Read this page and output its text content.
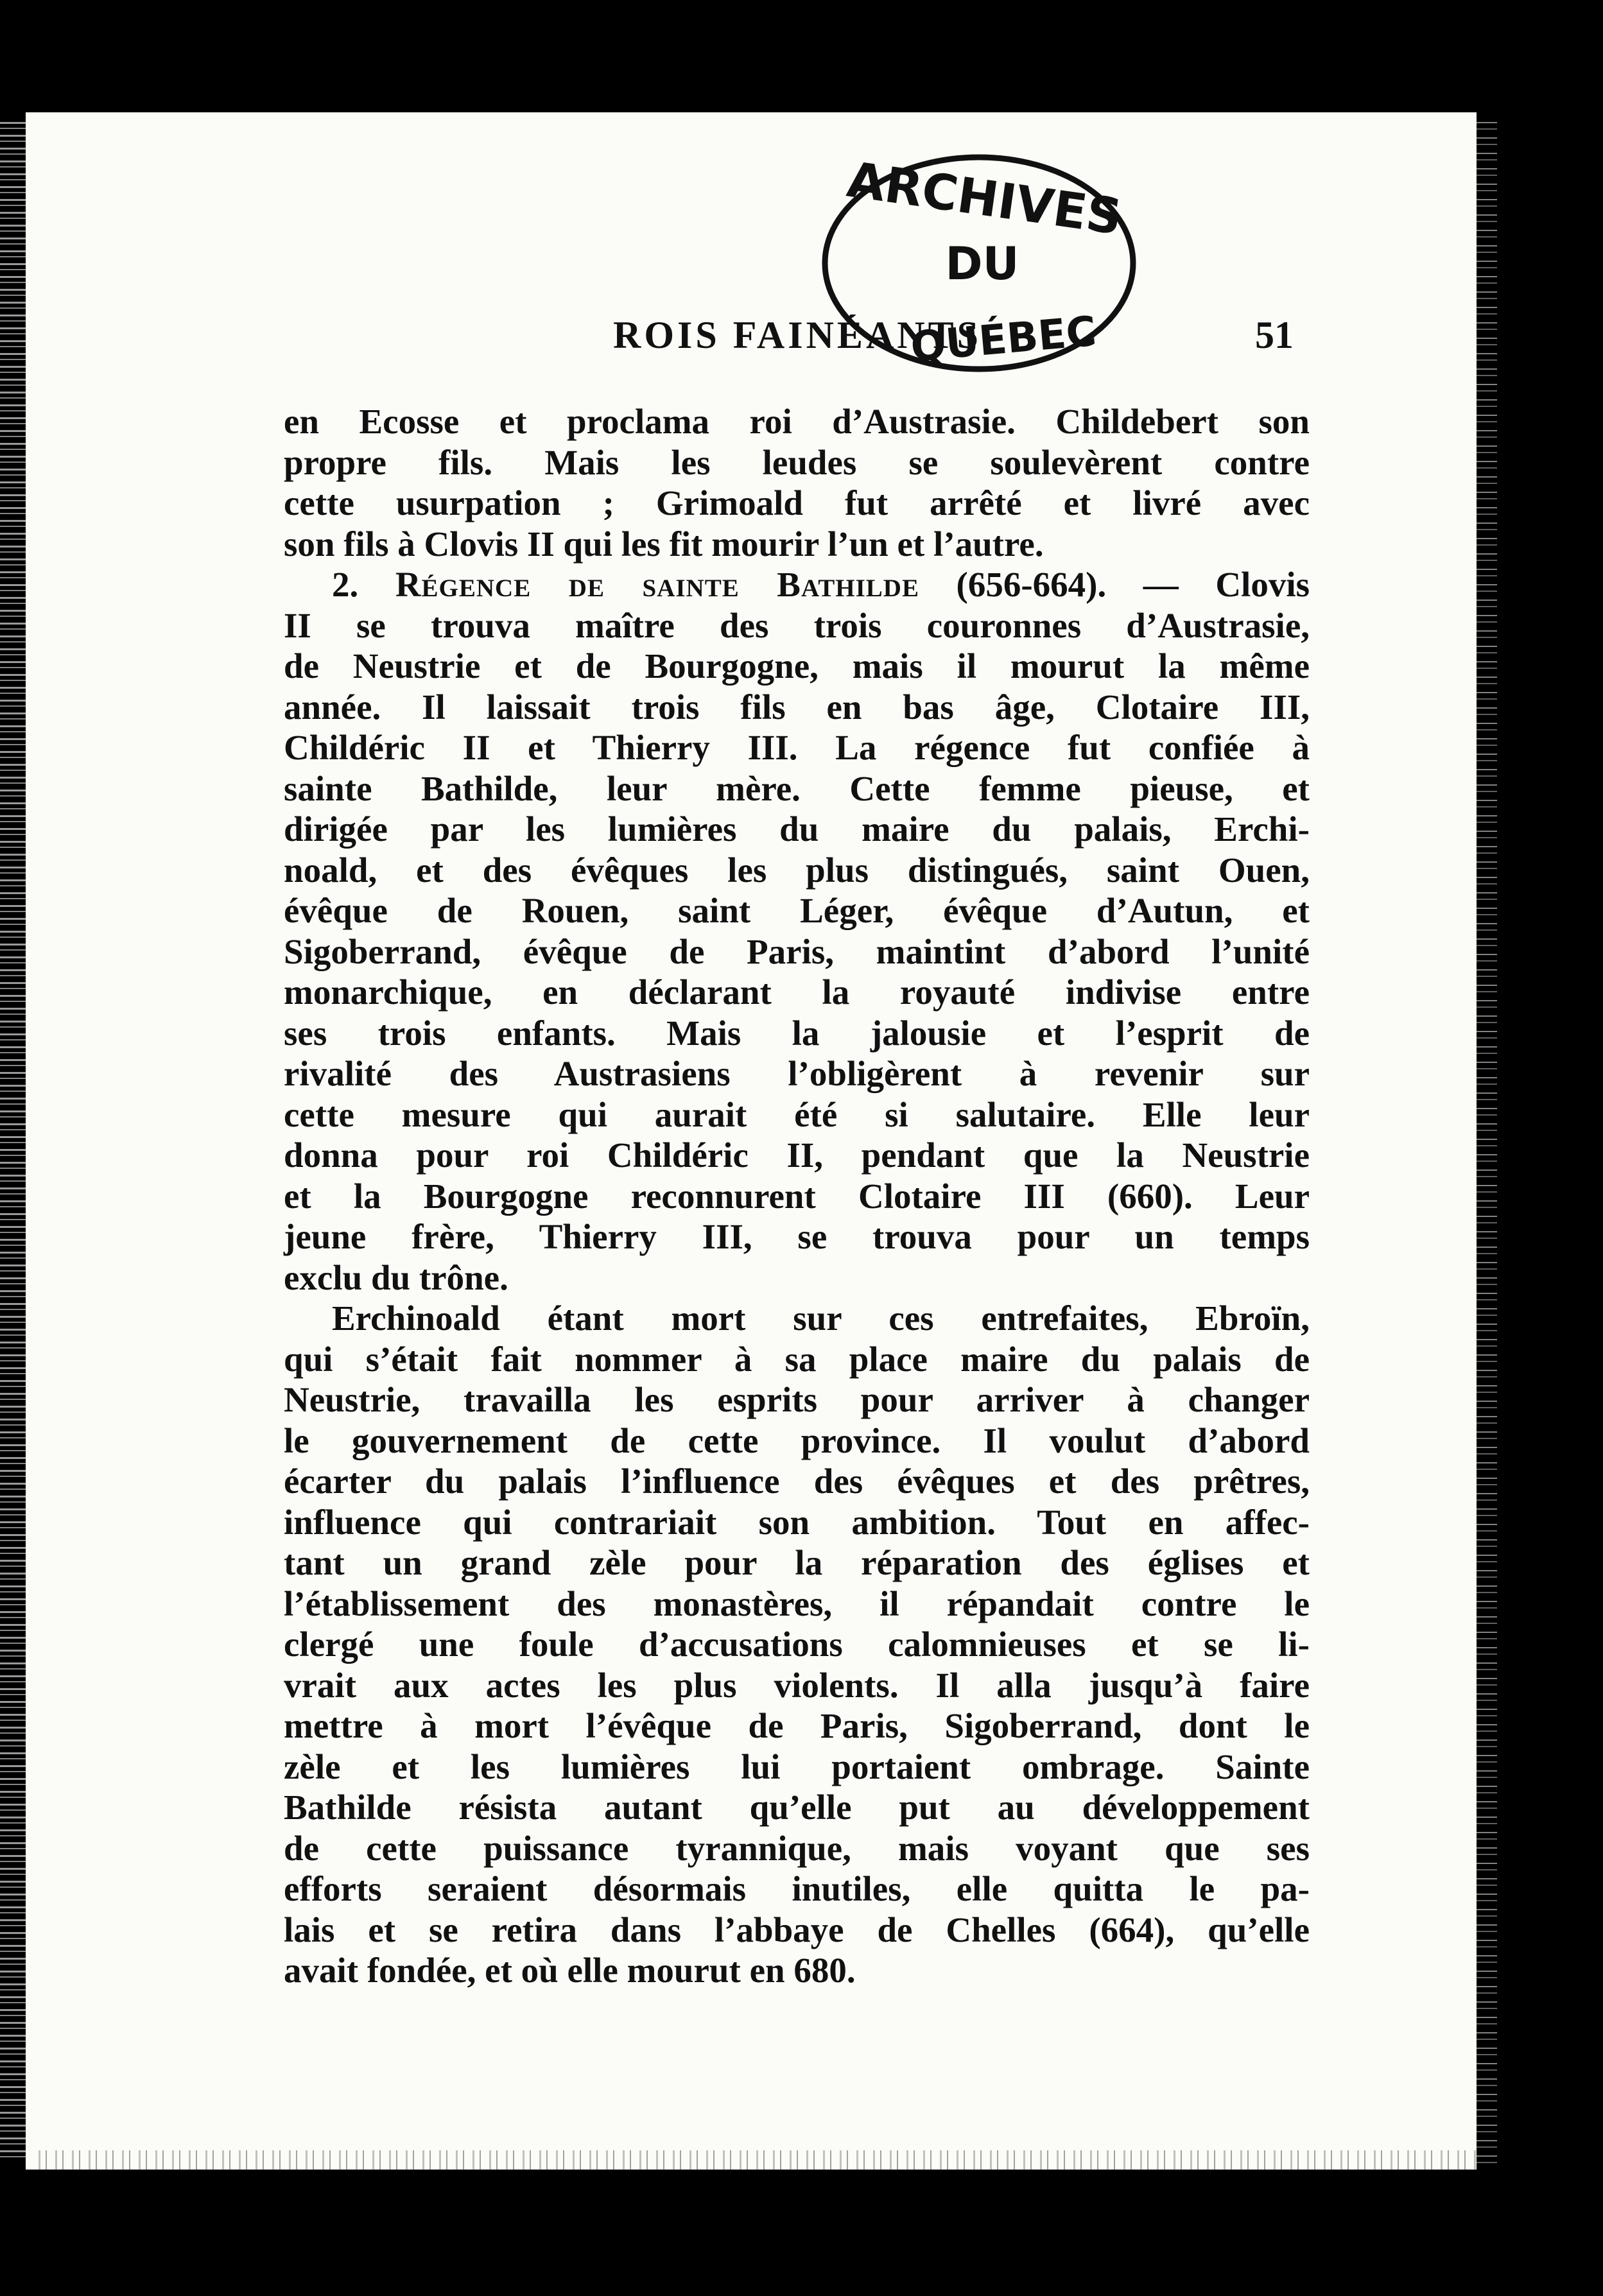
ARCHIVES
DU
QUÉBEC
ROIS FAINÉANTS	51
en Ecosse et proclama roi d’Austrasie. Childebert son
propre fils. Mais les leudes se soulevèrent contre
cette usurpation ; Grimoald fut arrêté et livré avec
son fils à Clovis II qui les fit mourir l’un et l’autre.
2. Régence de sainte Bathilde (656-664). — Clovis
II se trouva maître des trois couronnes d’Austrasie,
de Neustrie et de Bourgogne, mais il mourut la même
année. Il laissait trois fils en bas âge, Clotaire III,
Childéric II et Thierry III. La régence fut confiée à
sainte Bathilde, leur mère. Cette femme pieuse, et
dirigée par les lumières du maire du palais, Erchi-
noald, et des évêques les plus distingués, saint Ouen,
évêque de Rouen, saint Léger, évêque d’Autun, et
Sigoberrand, évêque de Paris, maintint d’abord l’unité
monarchique, en déclarant la royauté indivise entre
ses trois enfants. Mais la jalousie et l’esprit de
rivalité des Austrasiens l’obligèrent à revenir sur
cette mesure qui aurait été si salutaire. Elle leur
donna pour roi Childéric II, pendant que la Neustrie
et la Bourgogne reconnurent Clotaire III (660). Leur
jeune frère, Thierry III, se trouva pour un temps
exclu du trône.
Erchinoald étant mort sur ces entrefaites, Ebroïn,
qui s’était fait nommer à sa place maire du palais de
Neustrie, travailla les esprits pour arriver à changer
le gouvernement de cette province. Il voulut d’abord
écarter du palais l’influence des évêques et des prêtres,
influence qui contrariait son ambition. Tout en affec-
tant un grand zèle pour la réparation des églises et
l’établissement des monastères, il répandait contre le
clergé une foule d’accusations calomnieuses et se li-
vrait aux actes les plus violents. Il alla jusqu’à faire
mettre à mort l’évêque de Paris, Sigoberrand, dont le
zèle et les lumières lui portaient ombrage. Sainte
Bathilde résista autant qu’elle put au développement
de cette puissance tyrannique, mais voyant que ses
efforts seraient désormais inutiles, elle quitta le pa-
lais et se retira dans l’abbaye de Chelles (664), qu’elle
avait fondée, et où elle mourut en 680.
